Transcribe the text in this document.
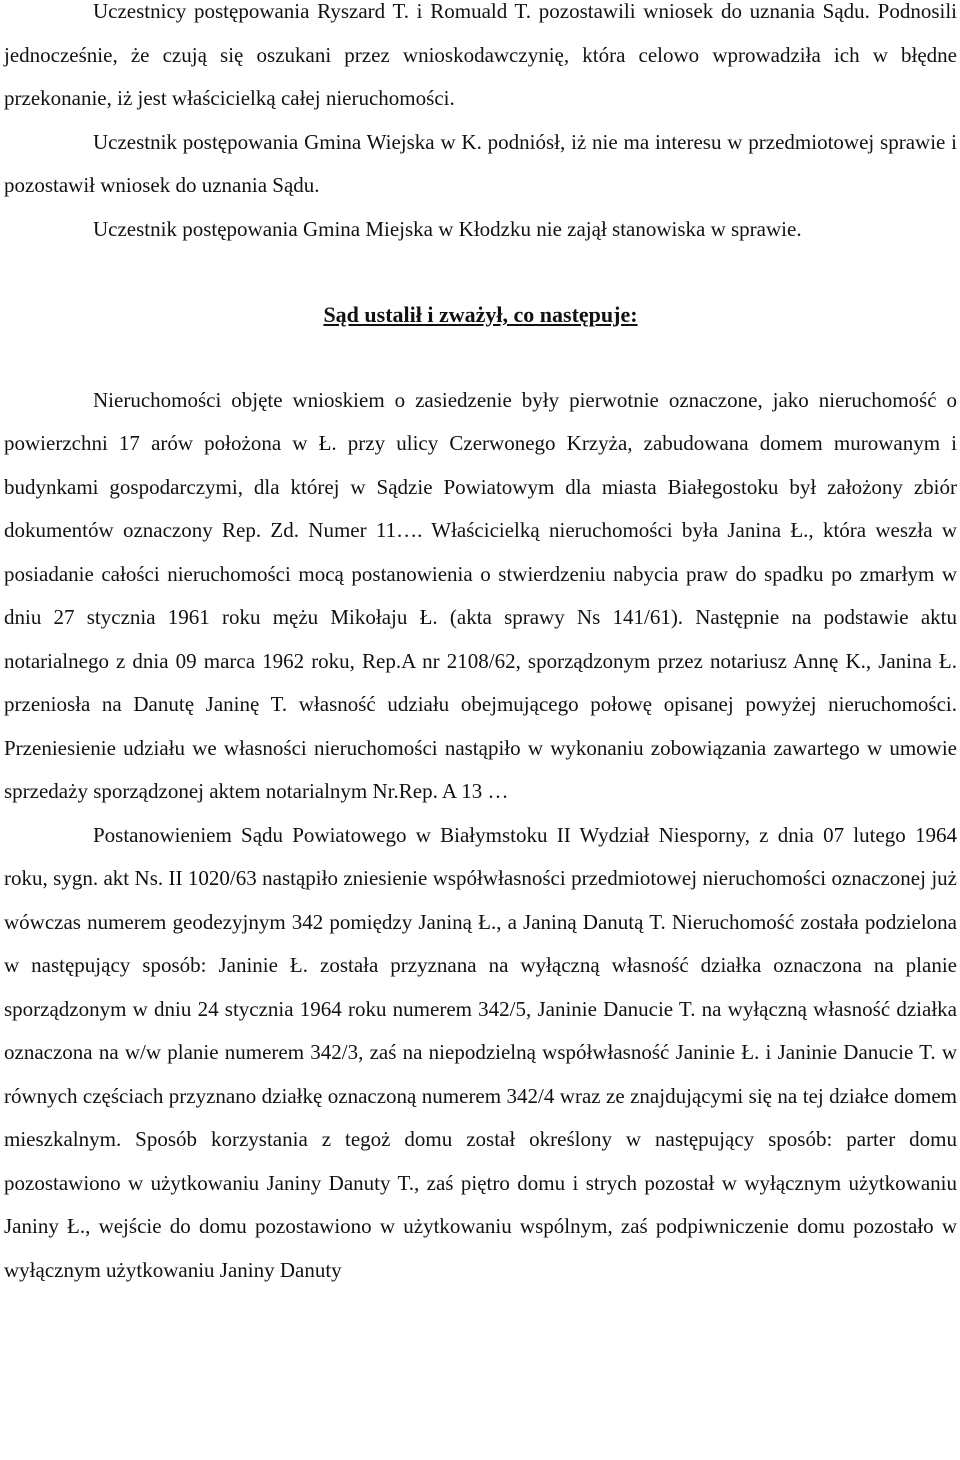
Uczestnicy postępowania Ryszard T. i Romuald T. pozostawili wniosek do uznania Sądu. Podnosili jednocześnie, że czują się oszukani przez wnioskodawczynię, która celowo wprowadziła ich w błędne przekonanie, iż jest właścicielką całej nieruchomości.

Uczestnik postępowania Gmina Wiejska w K. podniósł, iż nie ma interesu w przedmiotowej sprawie i pozostawił wniosek do uznania Sądu.

Uczestnik postępowania Gmina Miejska w Kłodzku nie zajął stanowiska w sprawie.

Sąd ustalił i zważył, co następuje:

Nieruchomości objęte wnioskiem o zasiedzenie były pierwotnie oznaczone, jako nieruchomość o powierzchni 17 arów położona w Ł. przy ulicy Czerwonego Krzyża, zabudowana domem murowanym i budynkami gospodarczymi, dla której w Sądzie Powiatowym dla miasta Białegostoku był założony zbiór dokumentów oznaczony Rep. Zd. Numer 11…. Właścicielką nieruchomości była Janina Ł., która weszła w posiadanie całości nieruchomości mocą postanowienia o stwierdzeniu nabycia praw do spadku po zmarłym w dniu 27 stycznia 1961 roku mężu Mikołaju Ł. (akta sprawy Ns 141/61). Następnie na podstawie aktu notarialnego z dnia 09 marca 1962 roku, Rep.A nr 2108/62, sporządzonym przez notariusz Annę K., Janina Ł. przeniosła na Danutę Janinę T. własność udziału obejmującego połowę opisanej powyżej nieruchomości. Przeniesienie udziału we własności nieruchomości nastąpiło w wykonaniu zobowiązania zawartego w umowie sprzedaży sporządzonej aktem notarialnym Nr.Rep. A 13 …

Postanowieniem Sądu Powiatowego w Białymstoku II Wydział Niesporny, z dnia 07 lutego 1964 roku, sygn. akt Ns. II 1020/63 nastąpiło zniesienie współwłasności przedmiotowej nieruchomości oznaczonej już wówczas numerem geodezyjnym 342 pomiędzy Janiną Ł., a Janiną Danutą T. Nieruchomość została podzielona w następujący sposób: Janinie Ł. została przyznana na wyłączną własność działka oznaczona na planie sporządzonym w dniu 24 stycznia 1964 roku numerem 342/5, Janinie Danucie T. na wyłączną własność działka oznaczona na w/w planie numerem 342/3, zaś na niepodzielną współwłasność Janinie Ł. i Janinie Danucie T. w równych częściach przyznano działkę oznaczoną numerem 342/4 wraz ze znajdującymi się na tej działce domem mieszkalnym. Sposób korzystania z tegoż domu został określony w następujący sposób: parter domu pozostawiono w użytkowaniu Janiny Danuty T., zaś piętro domu i strych pozostał w wyłącznym użytkowaniu Janiny Ł., wejście do domu pozostawiono w użytkowaniu wspólnym, zaś podpiwniczenie domu pozostało w wyłącznym użytkowaniu Janiny Danuty
